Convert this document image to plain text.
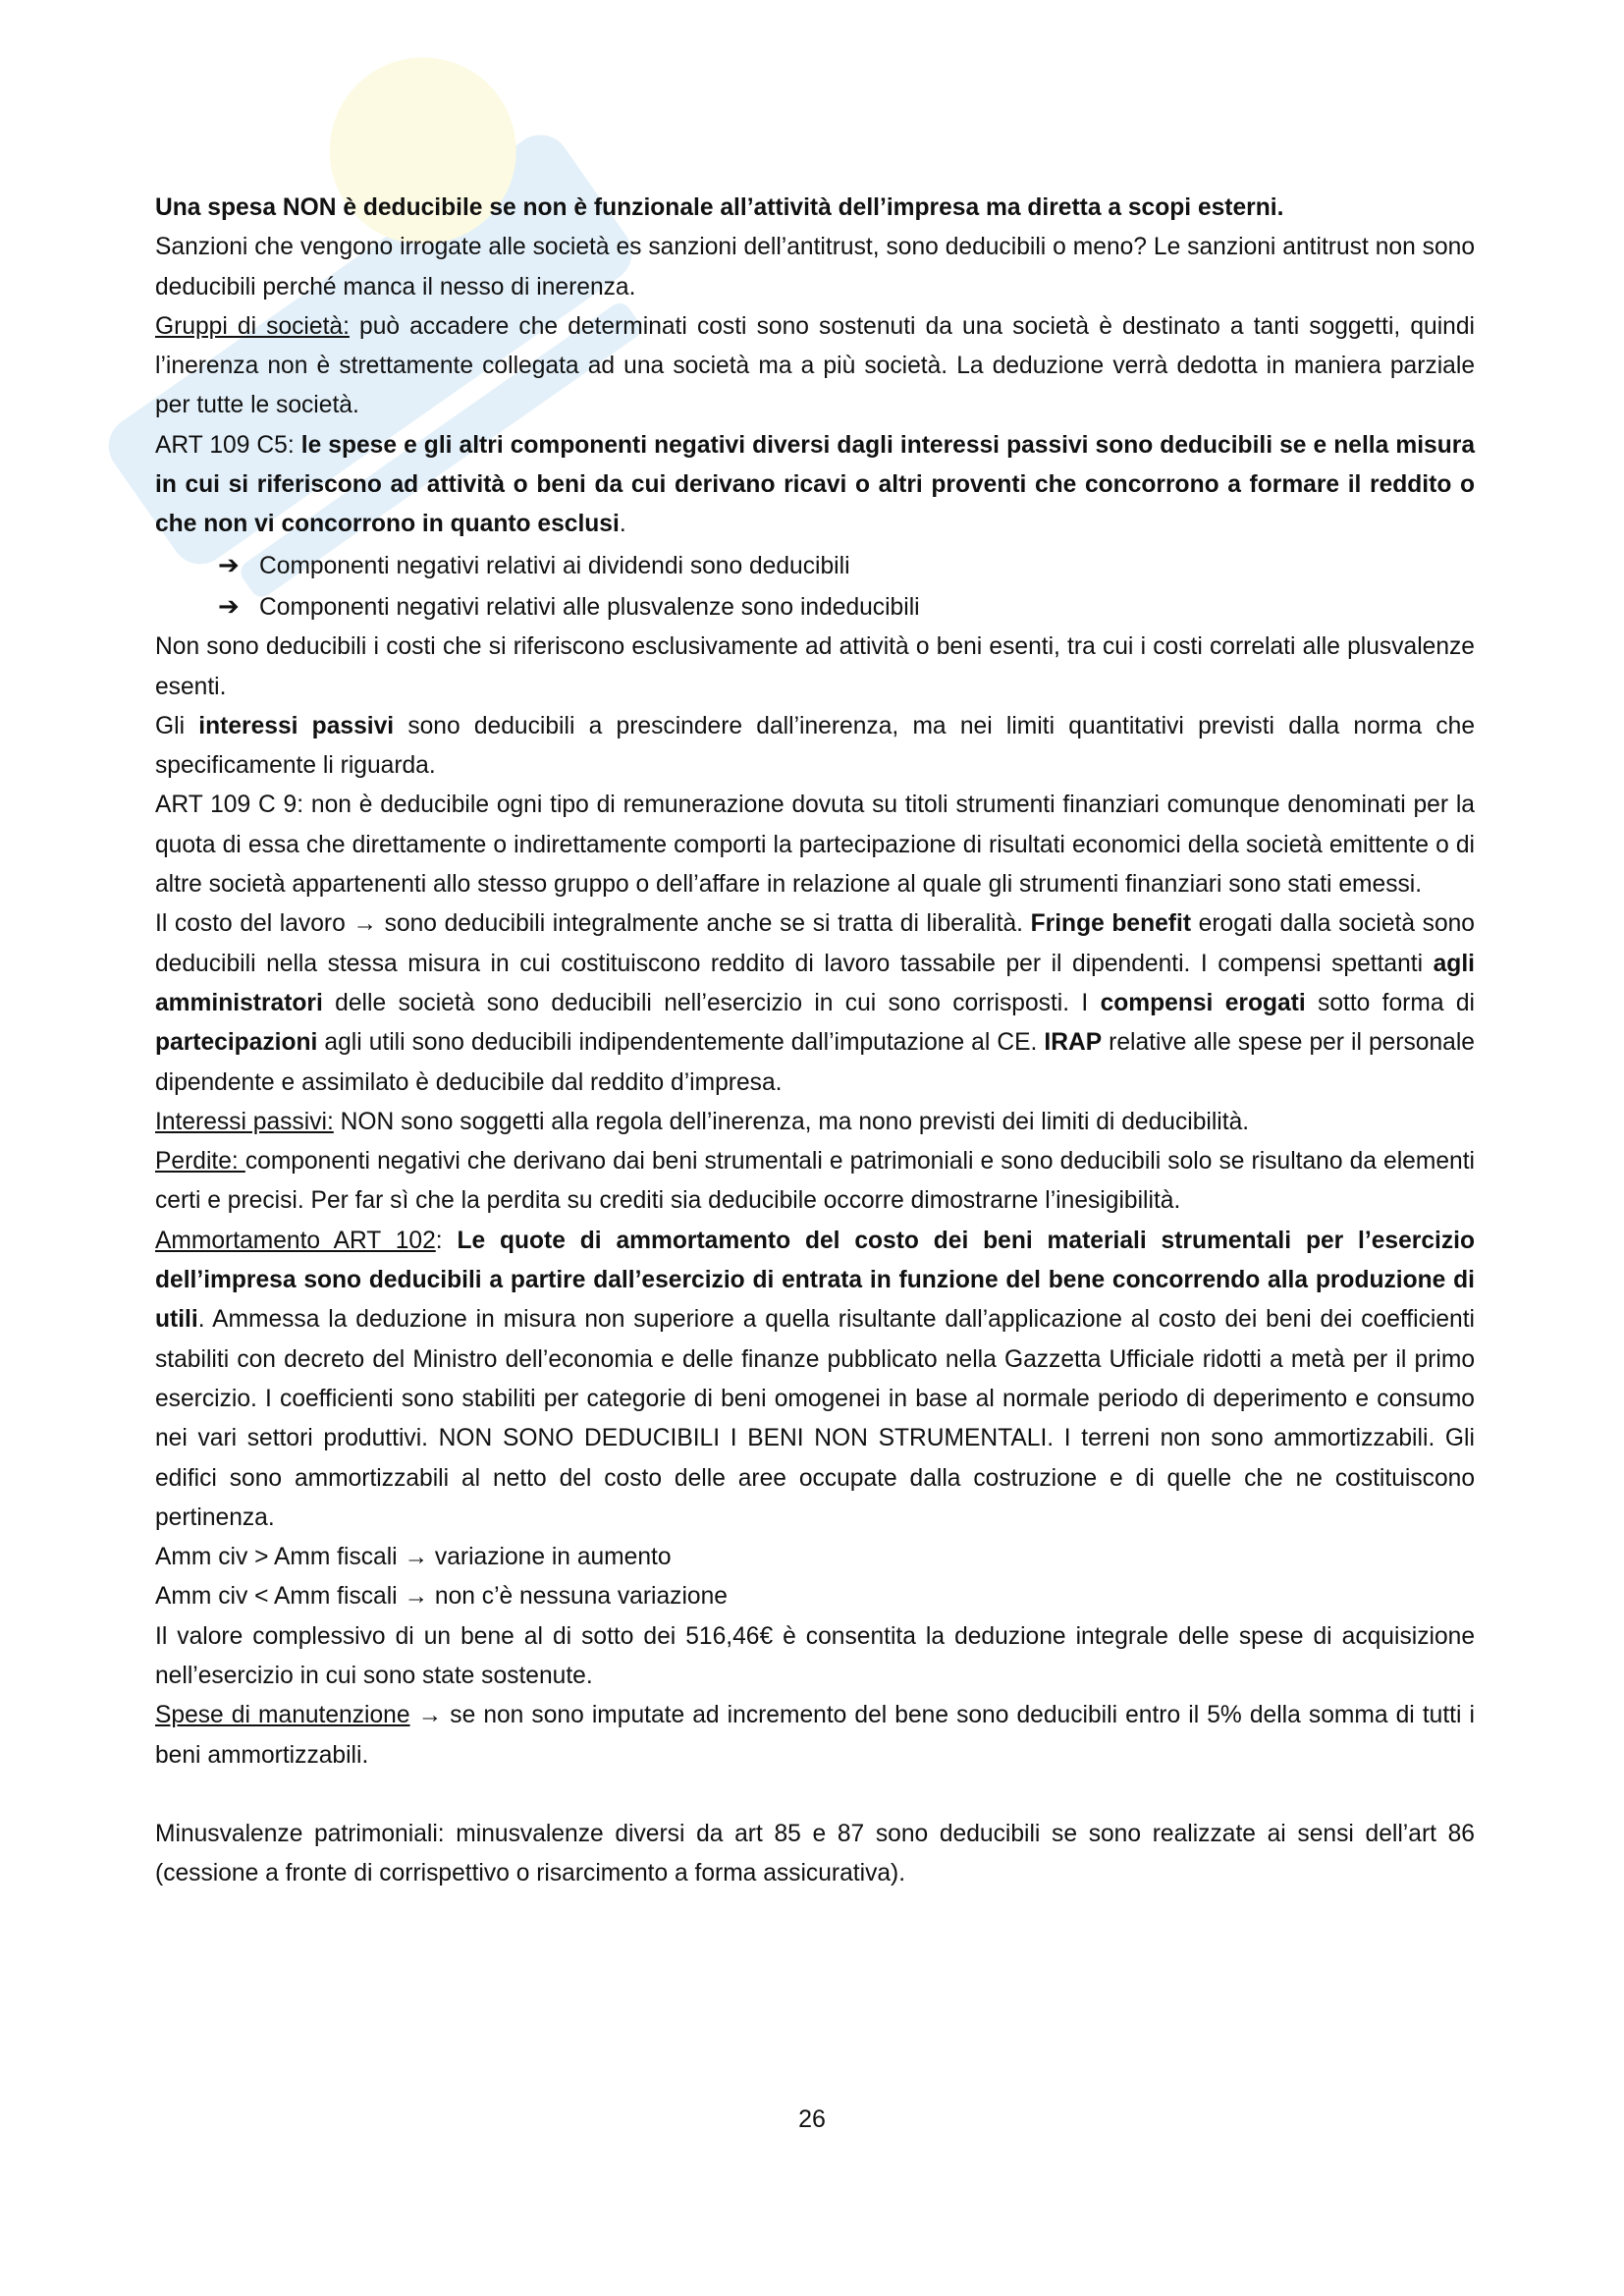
Una spesa NON è deducibile se non è funzionale all’attività dell’impresa ma diretta a scopi esterni.

Sanzioni che vengono irrogate alle società es sanzioni dell’antitrust, sono deducibili o meno? Le sanzioni antitrust non sono deducibili perché manca il nesso di inerenza.

Gruppi di società: può accadere che determinati costi sono sostenuti da una società è destinato a tanti soggetti, quindi l’inerenza non è strettamente collegata ad una società ma a più società. La deduzione verrà dedotta in maniera parziale per tutte le società.

ART 109 C5: le spese e gli altri componenti negativi diversi dagli interessi passivi sono deducibili se e nella misura in cui si riferiscono ad attività o beni da cui derivano ricavi o altri proventi che concorrono a formare il reddito o che non vi concorrono in quanto esclusi.

➔ Componenti negativi relativi ai dividendi sono deducibili

➔ Componenti negativi relativi alle plusvalenze sono indeducibili

Non sono deducibili i costi che si riferiscono esclusivamente ad attività o beni esenti, tra cui i costi correlati alle plusvalenze esenti.

Gli interessi passivi sono deducibili a prescindere dall’inerenza, ma nei limiti quantitativi previsti dalla norma che specificamente li riguarda.

ART 109 C 9: non è deducibile ogni tipo di remunerazione dovuta su titoli strumenti finanziari comunque denominati per la quota di essa che direttamente o indirettamente comporti la partecipazione di risultati economici della società emittente o di altre società appartenenti allo stesso gruppo o dell’affare in relazione al quale gli strumenti finanziari sono stati emessi.

Il costo del lavoro → sono deducibili integralmente anche se si tratta di liberalità. Fringe benefit erogati dalla società sono deducibili nella stessa misura in cui costituiscono reddito di lavoro tassabile per il dipendenti. I compensi spettanti agli amministratori delle società sono deducibili nell’esercizio in cui sono corrisposti. I compensi erogati sotto forma di partecipazioni agli utili sono deducibili indipendentemente dall’imputazione al CE. IRAP relative alle spese per il personale dipendente e assimilato è deducibile dal reddito d’impresa.

Interessi passivi: NON sono soggetti alla regola dell’inerenza, ma nono previsti dei limiti di deducibilità.

Perdite: componenti negativi che derivano dai beni strumentali e patrimoniali e sono deducibili solo se risultano da elementi certi e precisi. Per far sì che la perdita su crediti sia deducibile occorre dimostrarne l’inesigibilità.

Ammortamento ART 102: Le quote di ammortamento del costo dei beni materiali strumentali per l’esercizio dell’impresa sono deducibili a partire dall’esercizio di entrata in funzione del bene concorrendo alla produzione di utili. Ammessa la deduzione in misura non superiore a quella risultante dall’applicazione al costo dei beni dei coefficienti stabiliti con decreto del Ministro dell’economia e delle finanze pubblicato nella Gazzetta Ufficiale ridotti a metà per il primo esercizio. I coefficienti sono stabiliti per categorie di beni omogenei in base al normale periodo di deperimento e consumo nei vari settori produttivi. NON SONO DEDUCIBILI I BENI NON STRUMENTALI. I terreni non sono ammortizzabili. Gli edifici sono ammortizzabili al netto del costo delle aree occupate dalla costruzione e di quelle che ne costituiscono pertinenza.

Amm civ > Amm fiscali → variazione in aumento

Amm civ < Amm fiscali → non c’è nessuna variazione

Il valore complessivo di un bene al di sotto dei 516,46€ è consentita la deduzione integrale delle spese di acquisizione nell’esercizio in cui sono state sostenute.

Spese di manutenzione → se non sono imputate ad incremento del bene sono deducibili entro il 5% della somma di tutti i beni ammortizzabili.

Minusvalenze patrimoniali: minusvalenze diversi da art 85 e 87 sono deducibili se sono realizzate ai sensi dell’art 86 (cessione a fronte di corrispettivo o risarcimento a forma assicurativa).

26
